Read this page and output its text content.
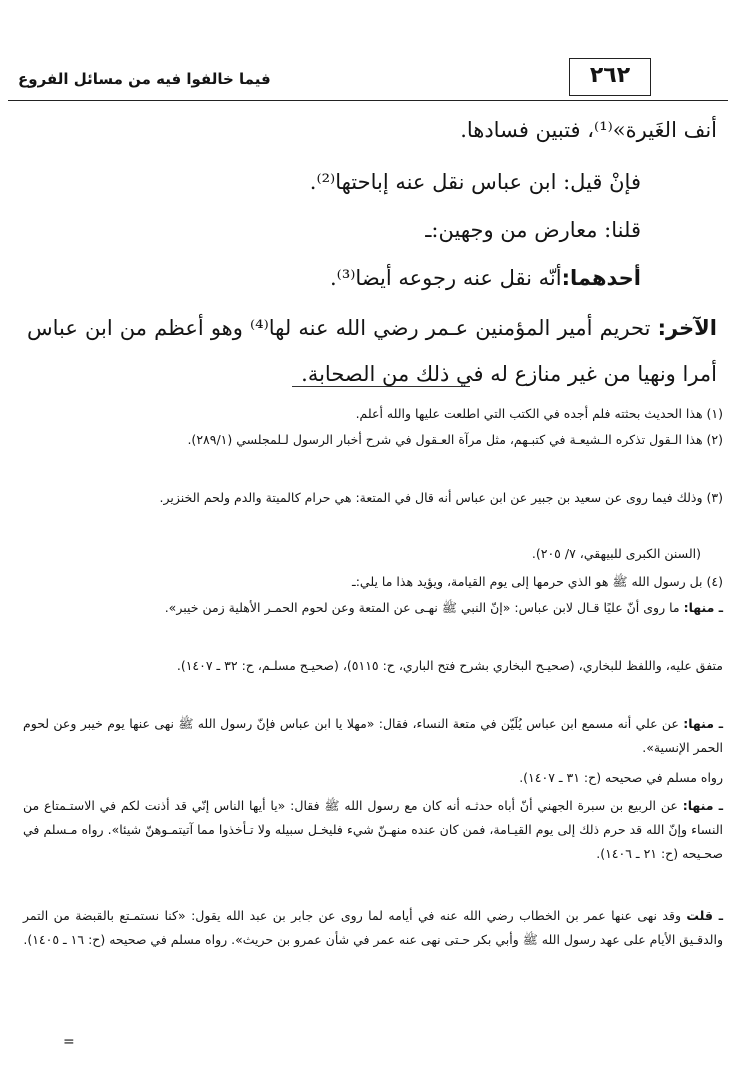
٢٦٢
فيما خالفوا فيه من مسائل الفروع
أنف الغَيرة»⁽¹⁾، فتبين فسادها.
فإنْ قيل: ابن عباس نقل عنه إباحتها⁽²⁾.
قلنا: معارض من وجهين:ـ
أحدهما:أنّه نقل عنه رجوعه أيضا⁽³⁾.
الآخر: تحريم أمير المؤمنين عـمر رضي الله عنه لها⁽⁴⁾ وهو أعظم من ابن عباس أمرا ونهيا من غير منازع له في ذلك من الصحابة.
(١) هذا الحديث بحثته فلم أجده في الكتب التي اطلعت عليها والله أعلم.
(٢) هذا الـقول تذكره الـشيعـة في كتبـهم، مثل مرآة العـقول في شرح أخبار الرسول لـلمجلسي (٢٨٩/١).
(٣) وذلك فيما روى عن سعيد بن جبير عن ابن عباس أنه قال في المتعة: هي حرام كالميتة والدم ولحم الخنزير.
(السنن الكبرى للبيهقي، ٧/ ٢٠٥).
(٤) بل رسول الله ﷺ هو الذي حرمها إلى يوم القيامة، ويؤيد هذا ما يلي:ـ
ـ منها: ما روى أنّ عليًا قـال لابن عباس: «إنّ النبي ﷺ نهـى عن المتعة وعن لحوم الحمـر الأهلية زمن خيبر».
متفق عليه، واللفظ للبخاري، (صحيـح البخاري بشرح فتح الباري، ح: ٥١١٥)، (صحيـح مسلـم، ح: ٣٢ ـ ١٤٠٧).
ـ منها: عن علي أنه مسمع ابن عباس يُلَيّن في متعة النساء، فقال: «مهلا يا ابن عباس فإنّ رسول الله ﷺ نهى عنها يوم خيبر وعن لحوم الحمر الإنسية».
رواه مسلم في صحيحه (ح: ٣١ ـ ١٤٠٧).
ـ منها: عن الربيع بن سبرة الجهني أنّ أباه حدثـه أنه كان مع رسول الله ﷺ فقال: «يا أيها الناس إنّي قد أذنت لكم في الاستـمتاع من النساء وإنّ الله قد حرم ذلك إلى يوم القيـامة، فمن كان عنده منهـنّ شيء فليخـل سبيله ولا تـأخذوا مما آتيتمـوهنّ شيئا». رواه مـسلم في صحـيحه (ح: ٢١ ـ ١٤٠٦).
ـ قلت وقد نهى عنها عمر بن الخطاب رضي الله عنه في أيامه لما روى عن جابر بن عبد الله يقول: «كنا نستمـتع بالقبضة من التمر والدقـيق الأيام على عهد رسول الله ﷺ وأبي بكر حـتى نهى عنه عمر في شأن عمرو بن حريث». رواه مسلم في صحيحه (ح: ١٦ ـ ١٤٠٥).
=
